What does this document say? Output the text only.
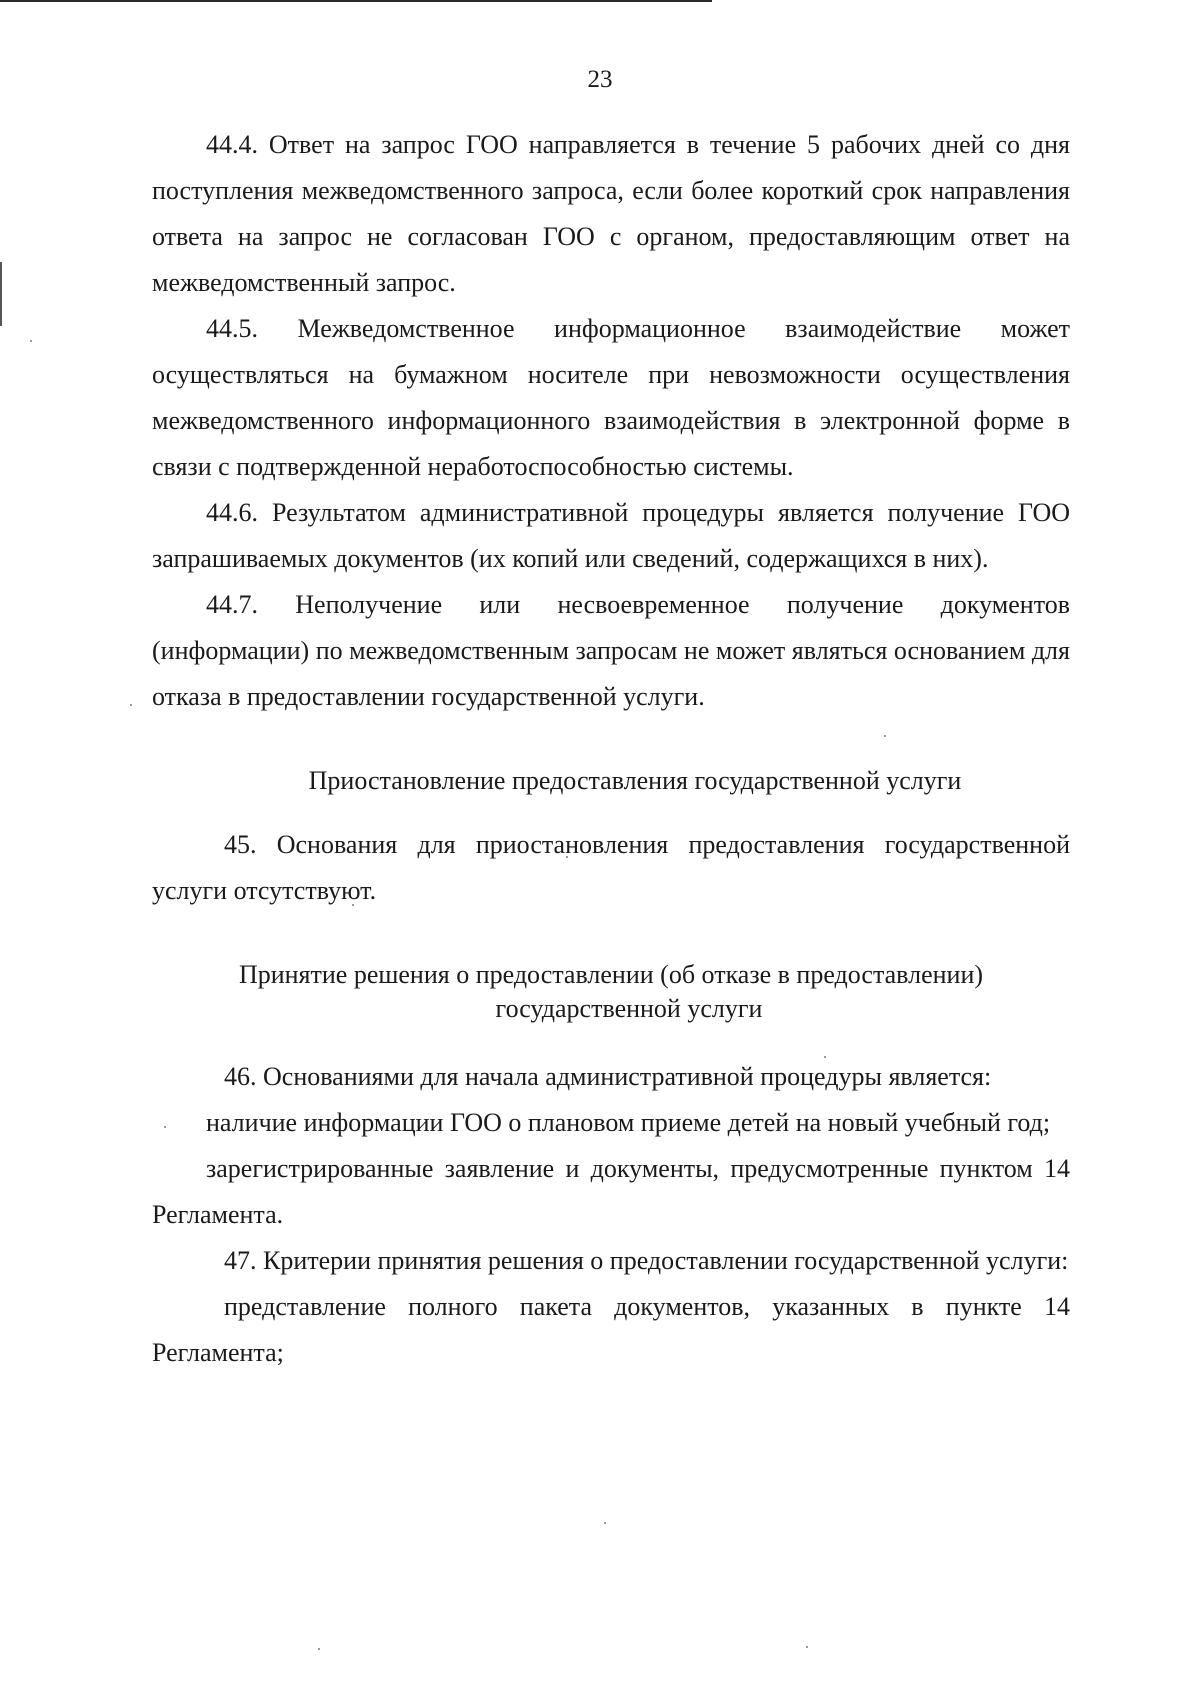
23

44.4. Ответ на запрос ГОО направляется в течение 5 рабочих дней со дня поступления межведомственного запроса, если более короткий срок направления ответа на запрос не согласован ГОО с органом, предоставляющим ответ на межведомственный запрос.

44.5. Межведомственное информационное взаимодействие может осуществляться на бумажном носителе при невозможности осуществления межведомственного информационного взаимодействия в электронной форме в связи с подтвержденной неработоспособностью системы.

44.6. Результатом административной процедуры является получение ГОО запрашиваемых документов (их копий или сведений, содержащихся в них).

44.7. Неполучение или несвоевременное получение документов (информации) по межведомственным запросам не может являться основанием для отказа в предоставлении государственной услуги.

Приостановление предоставления государственной услуги

45. Основания для приостановления предоставления государственной услуги отсутствуют.

Принятие решения о предоставлении (об отказе в предоставлении)
государственной услуги

46. Основаниями для начала административной процедуры является:

наличие информации ГОО о плановом приеме детей на новый учебный год;

зарегистрированные заявление и документы, предусмотренные пунктом 14 Регламента.

47. Критерии принятия решения о предоставлении государственной услуги:

представление полного пакета документов, указанных в пункте 14 Регламента;
